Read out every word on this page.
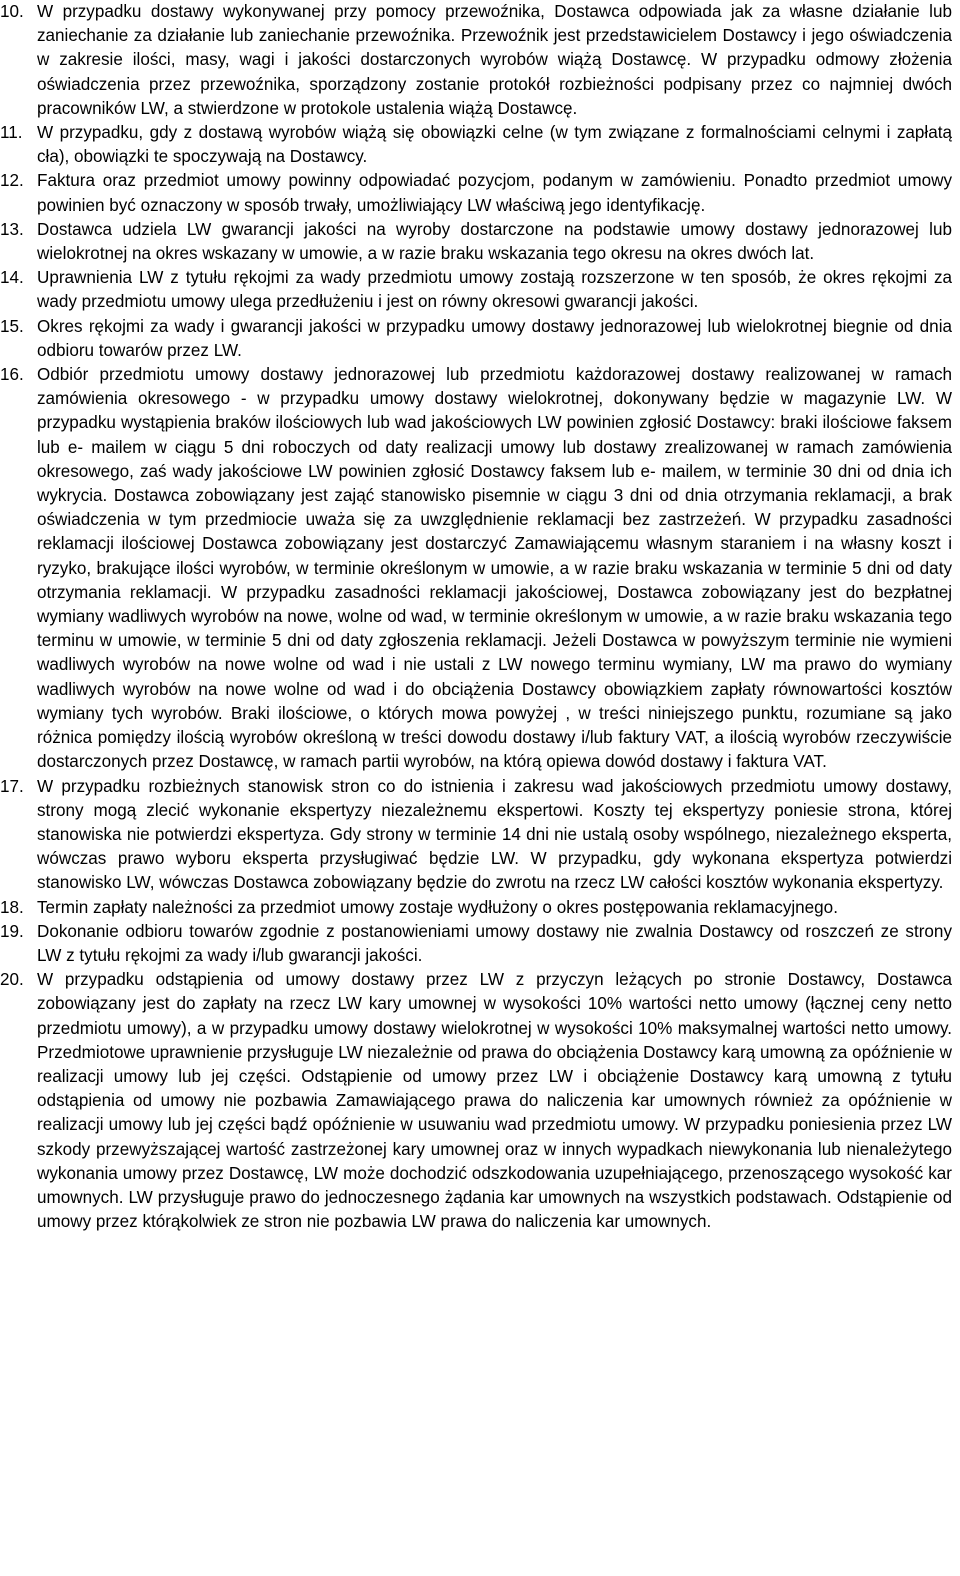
10. W przypadku dostawy wykonywanej przy pomocy przewoźnika, Dostawca odpowiada jak za własne działanie lub zaniechanie za działanie lub zaniechanie przewoźnika. Przewoźnik jest przedstawicielem Dostawcy i jego oświadczenia w zakresie ilości, masy, wagi i jakości dostarczonych wyrobów wiążą Dostawcę. W przypadku odmowy złożenia oświadczenia przez przewoźnika, sporządzony zostanie protokół rozbieżności podpisany przez co najmniej dwóch pracowników LW, a stwierdzone w protokole ustalenia wiążą Dostawcę.

11. W przypadku, gdy z dostawą wyrobów wiążą się obowiązki celne (w tym związane z formalnościami celnymi i zapłatą cła), obowiązki te spoczywają na Dostawcy.

12. Faktura oraz przedmiot umowy powinny odpowiadać pozycjom, podanym w zamówieniu. Ponadto przedmiot umowy powinien być oznaczony w sposób trwały, umożliwiający LW właściwą jego identyfikację.

13. Dostawca udziela LW gwarancji jakości na wyroby dostarczone na podstawie umowy dostawy jednorazowej lub wielokrotnej na okres wskazany w umowie, a w razie braku wskazania tego okresu na okres dwóch lat.

14. Uprawnienia LW z tytułu rękojmi za wady przedmiotu umowy zostają rozszerzone w ten sposób, że okres rękojmi za wady przedmiotu umowy ulega przedłużeniu i jest on równy okresowi gwarancji jakości.

15. Okres rękojmi za wady i gwarancji jakości w przypadku umowy dostawy jednorazowej lub wielokrotnej biegnie od dnia odbioru towarów przez LW.

16. Odbiór przedmiotu umowy dostawy jednorazowej lub przedmiotu każdorazowej dostawy realizowanej w ramach zamówienia okresowego - w przypadku umowy dostawy wielokrotnej, dokonywany będzie w magazynie LW. W przypadku wystąpienia braków ilościowych lub wad jakościowych LW powinien zgłosić Dostawcy: braki ilościowe faksem lub e- mailem w ciągu 5 dni roboczych od daty realizacji umowy lub dostawy zrealizowanej w ramach zamówienia okresowego, zaś wady jakościowe LW powinien zgłosić Dostawcy faksem lub e- mailem, w terminie 30 dni od dnia ich wykrycia. Dostawca zobowiązany jest zająć stanowisko pisemnie w ciągu 3 dni od dnia otrzymania reklamacji, a brak oświadczenia w tym przedmiocie uważa się za uwzględnienie reklamacji bez zastrzeżeń. W przypadku zasadności reklamacji ilościowej Dostawca zobowiązany jest dostarczyć Zamawiającemu własnym staraniem i na własny koszt i ryzyko, brakujące ilości wyrobów, w terminie określonym w umowie, a w razie braku wskazania w terminie 5 dni od daty otrzymania reklamacji. W przypadku zasadności reklamacji jakościowej, Dostawca zobowiązany jest do bezpłatnej wymiany wadliwych wyrobów na nowe, wolne od wad, w terminie określonym w umowie, a w razie braku wskazania tego terminu w umowie, w terminie 5 dni od daty zgłoszenia reklamacji. Jeżeli Dostawca w powyższym terminie nie wymieni wadliwych wyrobów na nowe wolne od wad i nie ustali z LW nowego terminu wymiany, LW ma prawo do wymiany wadliwych wyrobów na nowe wolne od wad i do obciążenia Dostawcy obowiązkiem zapłaty równowartości kosztów wymiany tych wyrobów. Braki ilościowe, o których mowa powyżej , w treści niniejszego punktu, rozumiane są jako różnica pomiędzy ilością wyrobów określoną w treści dowodu dostawy i/lub faktury VAT, a ilością wyrobów rzeczywiście dostarczonych przez Dostawcę, w ramach partii wyrobów, na którą opiewa dowód dostawy i faktura VAT.

17. W przypadku rozbieżnych stanowisk stron co do istnienia i zakresu wad jakościowych przedmiotu umowy dostawy, strony mogą zlecić wykonanie ekspertyzy niezależnemu ekspertowi. Koszty tej ekspertyzy poniesie strona, której stanowiska nie potwierdzi ekspertyza. Gdy strony w terminie 14 dni nie ustalą osoby wspólnego, niezależnego eksperta, wówczas prawo wyboru eksperta przysługiwać będzie LW. W przypadku, gdy wykonana ekspertyza potwierdzi stanowisko LW, wówczas Dostawca zobowiązany będzie do zwrotu na rzecz LW całości kosztów wykonania ekspertyzy.

18. Termin zapłaty należności za przedmiot umowy zostaje wydłużony o okres postępowania reklamacyjnego.

19. Dokonanie odbioru towarów zgodnie z postanowieniami umowy dostawy nie zwalnia Dostawcy od roszczeń ze strony LW z tytułu rękojmi za wady i/lub gwarancji jakości.

20. W przypadku odstąpienia od umowy dostawy przez LW z przyczyn leżących po stronie Dostawcy, Dostawca zobowiązany jest do zapłaty na rzecz LW kary umownej w wysokości 10% wartości netto umowy (łącznej ceny netto przedmiotu umowy), a w przypadku umowy dostawy wielokrotnej w wysokości 10% maksymalnej wartości netto umowy. Przedmiotowe uprawnienie przysługuje LW niezależnie od prawa do obciążenia Dostawcy karą umowną za opóźnienie w realizacji umowy lub jej części. Odstąpienie od umowy przez LW i obciążenie Dostawcy karą umowną z tytułu odstąpienia od umowy nie pozbawia Zamawiającego prawa do naliczenia kar umownych również za opóźnienie w realizacji umowy lub jej części bądź opóźnienie w usuwaniu wad przedmiotu umowy. W przypadku poniesienia przez LW szkody przewyższającej wartość zastrzeżonej kary umownej oraz w innych wypadkach niewykonania lub nienależytego wykonania umowy przez Dostawcę, LW może dochodzić odszkodowania uzupełniającego, przenoszącego wysokość kar umownych. LW przysługuje prawo do jednoczesnego żądania kar umownych na wszystkich podstawach. Odstąpienie od umowy przez którąkolwiek ze stron nie pozbawia LW prawa do naliczenia kar umownych.
